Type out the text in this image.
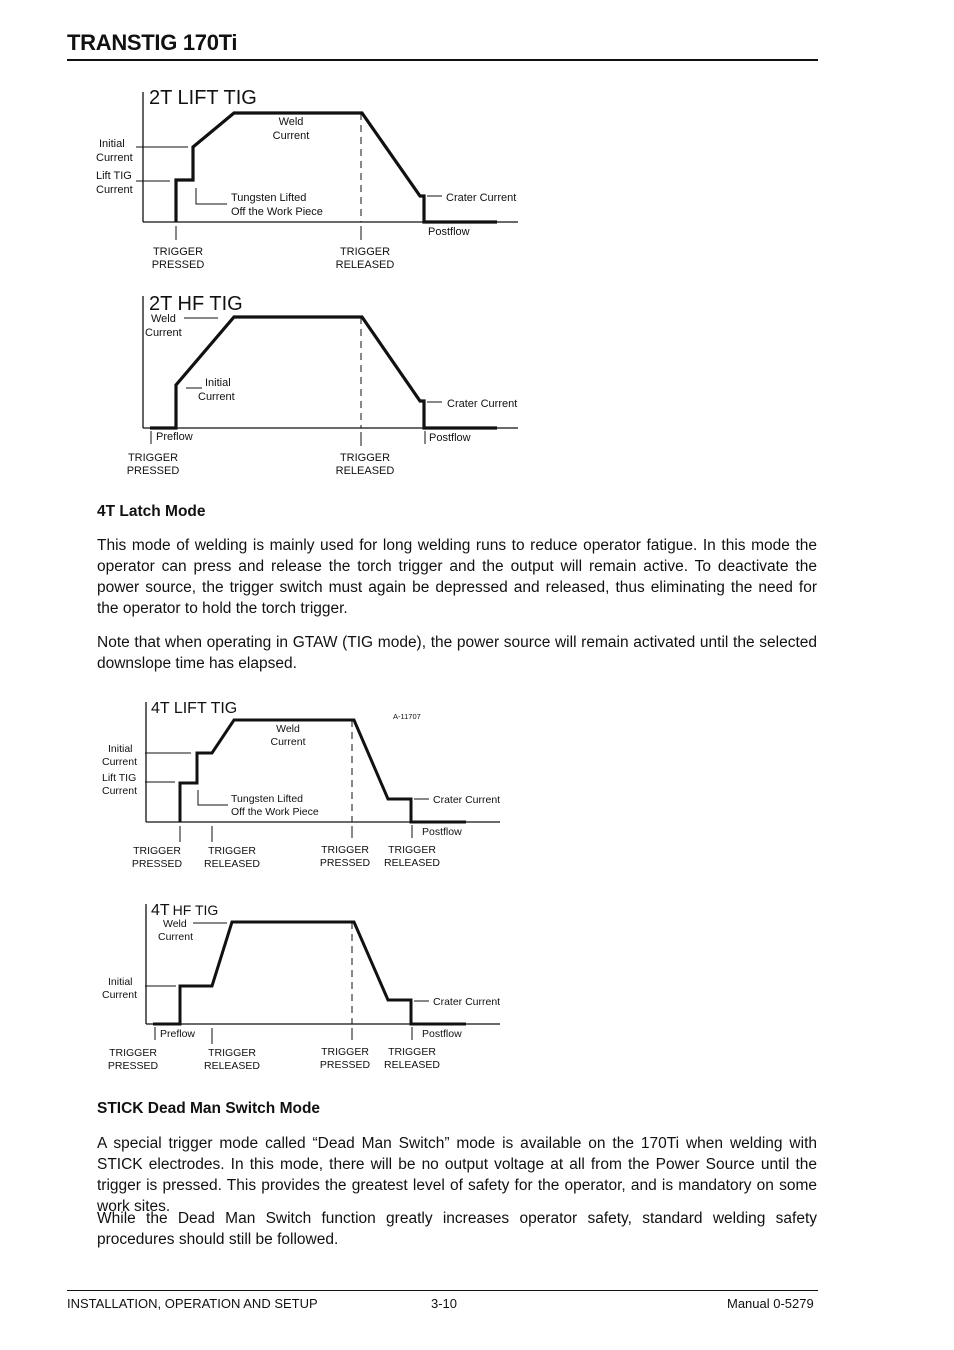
TRANSTIG 170Ti
2T LIFT TIG
Initial
Current
Lift TIG
Current
Weld
Current
Tungsten Lifted
Off the Work Piece
Crater Current
Postflow
TRIGGER
PRESSED
TRIGGER
RELEASED
2T HF TIG
Weld
Current
Initial
Current
Crater Current
Preflow	Postflow
TRIGGER
PRESSED
TRIGGER
RELEASED
4T LIFT TIG	A-11707
Initial
Current
Lift TIG
Current
Weld
Current
Tungsten Lifted
Off the Work Piece
Crater Current
Postflow
TRIGGER
PRESSED
TRIGGER
RELEASED
TRIGGER
PRESSED
TRIGGER
RELEASED
4T HF TIG
Weld
Current
Initial
Current
Crater Current
Preflow	Postflow
TRIGGER
PRESSED
TRIGGER
RELEASED
TRIGGER
PRESSED
TRIGGER
RELEASED
4T Latch Mode
This mode of welding is mainly used for long welding runs to reduce operator fatigue. In this mode the operator can press and release the torch trigger and the output will remain active. To deactivate the power source, the trigger switch must again be depressed and released, thus eliminating the need for the operator to hold the torch trigger.
Note that when operating in GTAW (TIG mode), the power source will remain activated until the selected downslope time has elapsed.
STICK Dead Man Switch Mode
A special trigger mode called “Dead Man Switch” mode is available on the 170Ti when welding with STICK electrodes. In this mode, there will be no output voltage at all from the Power Source until the trigger is pressed. This provides the greatest level of safety for the operator, and is mandatory on some work sites.
While the Dead Man Switch function greatly increases operator safety, standard welding safety procedures should still be followed.
INSTALLATION, OPERATION AND SETUP	3-10	Manual 0-5279
